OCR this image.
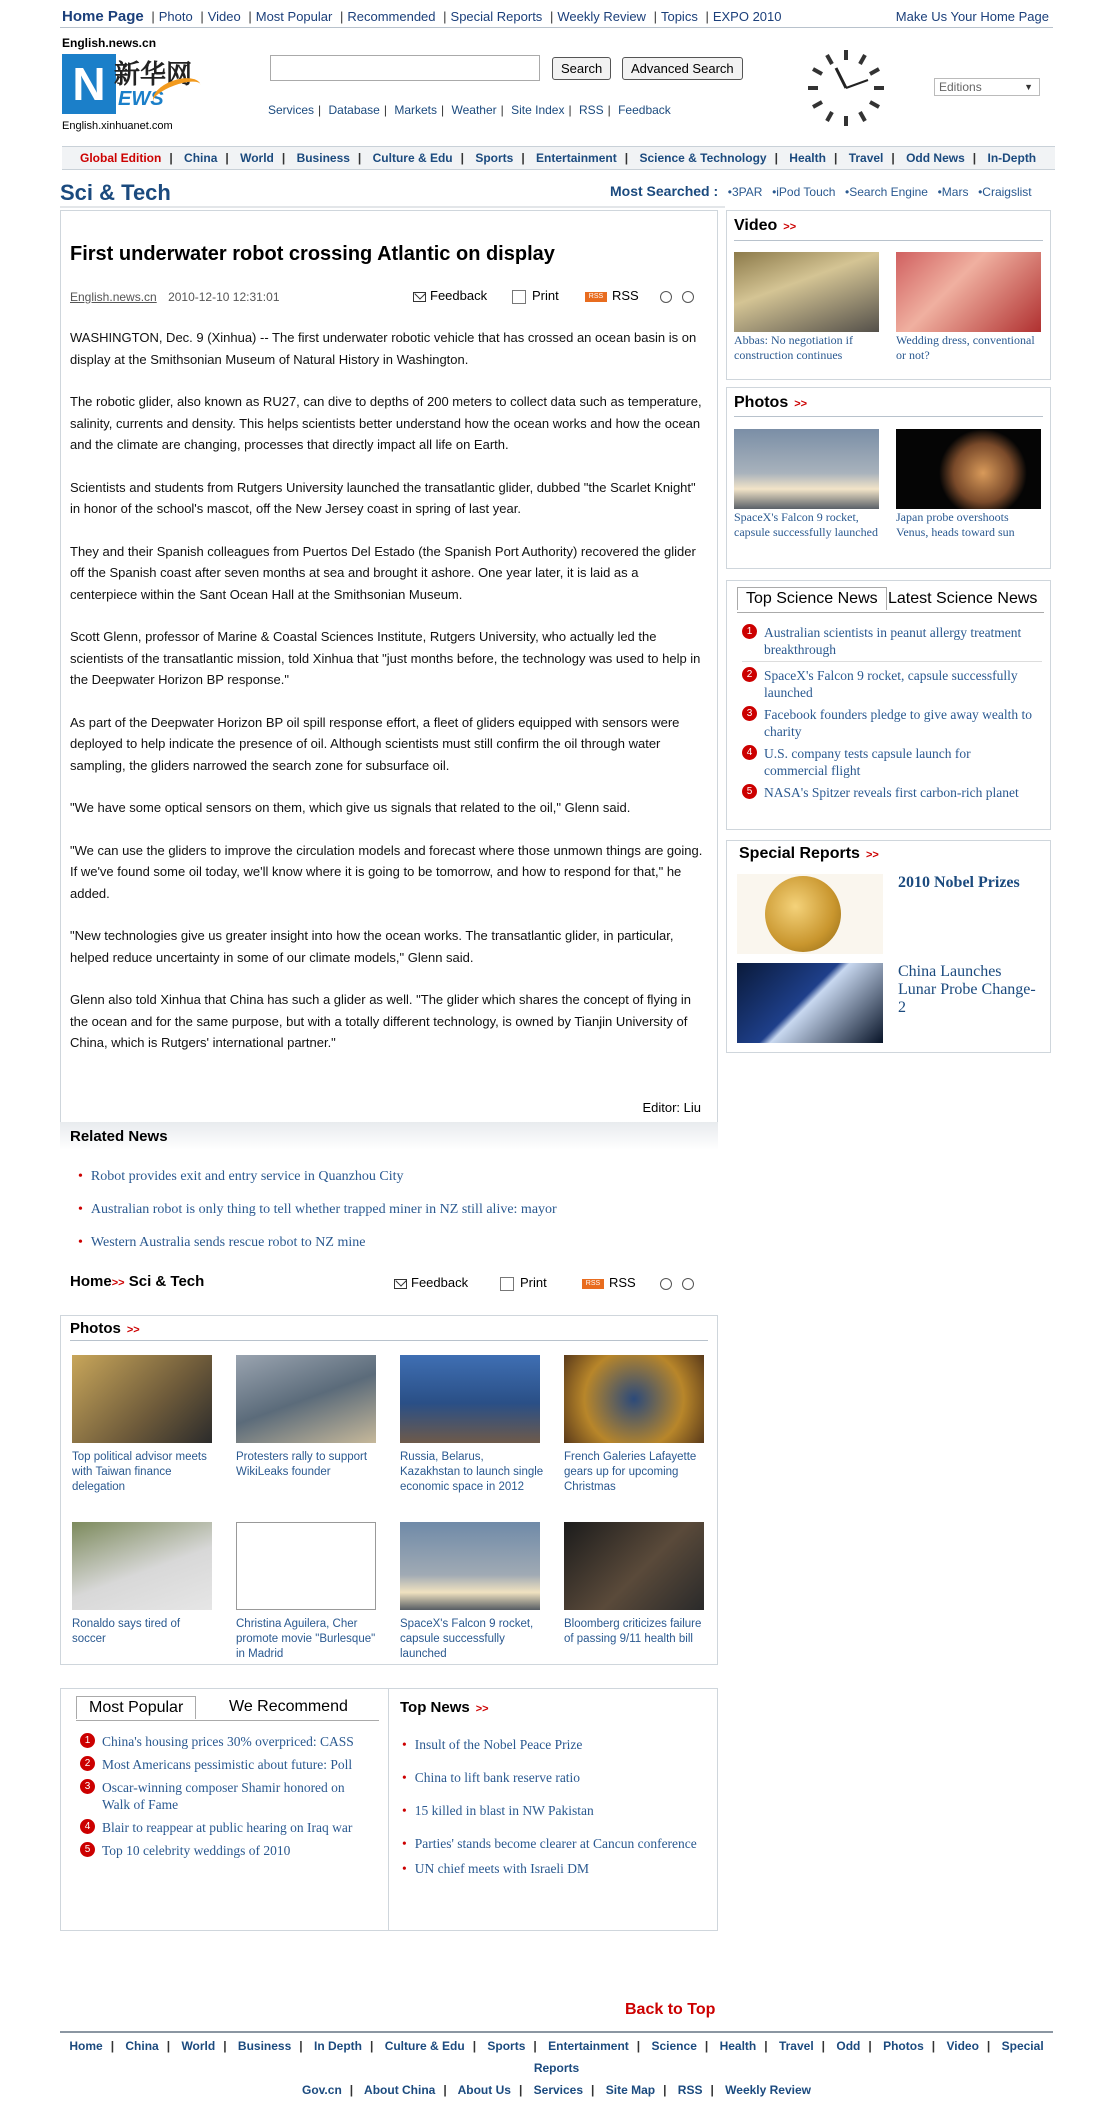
Home Page | Photo | Video | Most Popular | Recommended | Special Reports | Weekly Review | Topics | EXPO 2010	Make Us Your Home Page
English.news.cn
N 新华网
EWS
English.xinhuanet.com
Search	Advanced Search
Services | Database | Markets | Weather | Site Index | RSS | Feedback
Editions	▼
Global Edition | China | World | Business | Culture & Edu | Sports | Entertainment | Science & Technology | Health | Travel | Odd News | In-Depth
Sci & Tech	Most Searched : •3PAR •iPod Touch •Search Engine •Mars •Craigslist
First underwater robot crossing Atlantic on display
English.news.cn 2010-12-10 12:31:01	Feedback	Print	RSS RSS

WASHINGTON, Dec. 9 (Xinhua) -- The first underwater robotic vehicle that has crossed an ocean basin is on display at the Smithsonian Museum of Natural History in Washington.

The robotic glider, also known as RU27, can dive to depths of 200 meters to collect data such as temperature, salinity, currents and density. This helps scientists better understand how the ocean works and how the ocean and the climate are changing, processes that directly impact all life on Earth.

Scientists and students from Rutgers University launched the transatlantic glider, dubbed "the Scarlet Knight" in honor of the school's mascot, off the New Jersey coast in spring of last year.

They and their Spanish colleagues from Puertos Del Estado (the Spanish Port Authority) recovered the glider off the Spanish coast after seven months at sea and brought it ashore. One year later, it is laid as a centerpiece within the Sant Ocean Hall at the Smithsonian Museum.

Scott Glenn, professor of Marine & Coastal Sciences Institute, Rutgers University, who actually led the scientists of the transatlantic mission, told Xinhua that "just months before, the technology was used to help in the Deepwater Horizon BP response."

As part of the Deepwater Horizon BP oil spill response effort, a fleet of gliders equipped with sensors were deployed to help indicate the presence of oil. Although scientists must still confirm the oil through water sampling, the gliders narrowed the search zone for subsurface oil.

"We have some optical sensors on them, which give us signals that related to the oil," Glenn said.

"We can use the gliders to improve the circulation models and forecast where those unmown things are going. If we've found some oil today, we'll know where it is going to be tomorrow, and how to respond for that," he added.

"New technologies give us greater insight into how the ocean works. The transatlantic glider, in particular, helped reduce uncertainty in some of our climate models," Glenn said.

Glenn also told Xinhua that China has such a glider as well. "The glider which shares the concept of flying in the ocean and for the same purpose, but with a totally different technology, is owned by Tianjin University of China, which is Rutgers' international partner."

Editor: Liu
Related News
• Robot provides exit and entry service in Quanzhou City
• Australian robot is only thing to tell whether trapped miner in NZ still alive: mayor
• Western Australia sends rescue robot to NZ mine
Home>> Sci & Tech	Feedback	Print	RSS RSS
Photos >>
Top political advisor meets with Taiwan finance delegation
Protesters rally to support WikiLeaks founder
Russia, Belarus, Kazakhstan to launch single economic space in 2012
French Galeries Lafayette gears up for upcoming Christmas
Ronaldo says tired of soccer
Christina Aguilera, Cher promote movie "Burlesque" in Madrid
SpaceX's Falcon 9 rocket, capsule successfully launched
Bloomberg criticizes failure of passing 9/11 health bill
Most Popular	We Recommend
1 China's housing prices 30% overpriced: CASS
2 Most Americans pessimistic about future: Poll
3 Oscar-winning composer Shamir honored on Walk of Fame
4 Blair to reappear at public hearing on Iraq war
5 Top 10 celebrity weddings of 2010
Top News >>
• Insult of the Nobel Peace Prize
• China to lift bank reserve ratio
• 15 killed in blast in NW Pakistan
• Parties' stands become clearer at Cancun conference
• UN chief meets with Israeli DM
Video >>
Abbas: No negotiation if construction continues
Wedding dress, conventional or not?
Photos >>
SpaceX's Falcon 9 rocket, capsule successfully launched
Japan probe overshoots Venus, heads toward sun
Top Science News Latest Science News
1 Australian scientists in peanut allergy treatment breakthrough
2 SpaceX's Falcon 9 rocket, capsule successfully launched
3 Facebook founders pledge to give away wealth to charity
4 U.S. company tests capsule launch for commercial flight
5 NASA's Spitzer reveals first carbon-rich planet
Special Reports >>
2010 Nobel Prizes
China Launches Lunar Probe Change-2
Back to Top
Home | China | World | Business | In Depth | Culture & Edu | Sports | Entertainment | Science | Health | Travel | Odd | Photos | Video | Special Reports
Gov.cn | About China | About Us | Services | Site Map | RSS | Weekly Review
